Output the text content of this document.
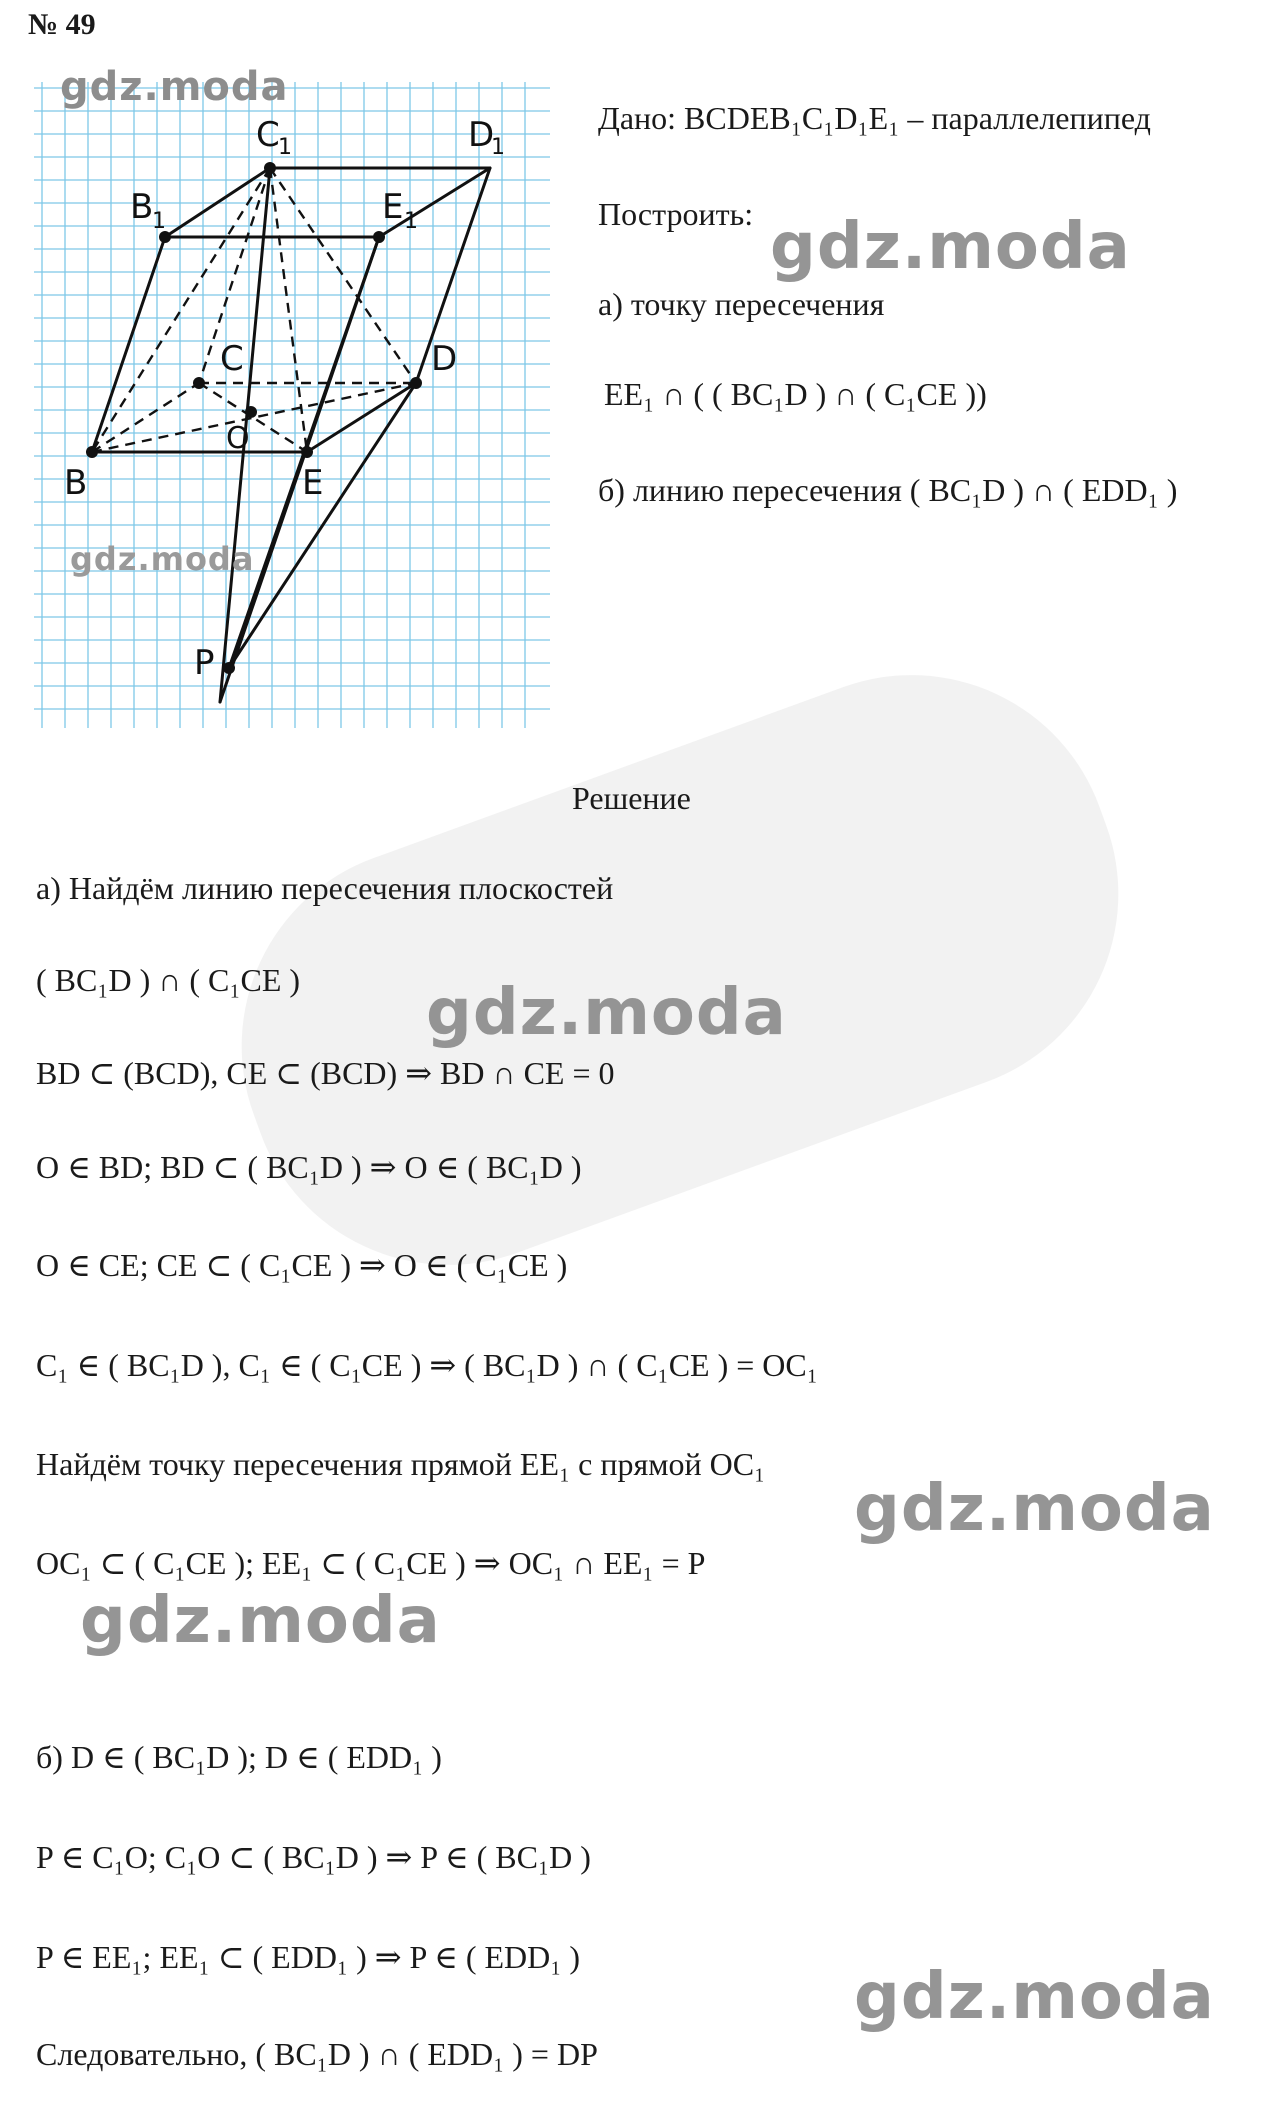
№ 49
C
1	D
1
B
1	E 1
C	D
O
B	E
P
gdz.moda
gdz.moda
Дано: BCDEB₁C₁D₁E₁ – параллелепипед
Построить:
а) точку пересечения
EE₁ ∩ ( ( BC₁D ) ∩ ( C₁CE ))
б) линию пересечения ( BC₁D ) ∩ ( EDD₁ )
gdz.moda
Решение
а) Найдём линию пересечения плоскостей
( BC₁D ) ∩ ( C₁CE )
BD ⊂ (BCD), CE ⊂ (BCD) ⇒ BD ∩ CE = 0
O ∈ BD; BD ⊂ ( BC₁D ) ⇒ O ∈ ( BC₁D )
O ∈ CE; CE ⊂ ( C₁CE ) ⇒ O ∈ ( C₁CE )
C₁ ∈ ( BC₁D ), C₁ ∈ ( C₁CE ) ⇒ ( BC₁D ) ∩ ( C₁CE ) = OC₁
Найдём точку пересечения прямой EE₁ с прямой OC₁
OC₁ ⊂ ( C₁CE ); EE₁ ⊂ ( C₁CE ) ⇒ OC₁ ∩ EE₁ = P
б) D ∈ ( BC₁D ); D ∈ ( EDD₁ )
P ∈ C₁O; C₁O ⊂ ( BC₁D ) ⇒ P ∈ ( BC₁D )
P ∈ EE₁; EE₁ ⊂ ( EDD₁ ) ⇒ P ∈ ( EDD₁ )
Следовательно, ( BC₁D ) ∩ ( EDD₁ ) = DP
gdz.moda
gdz.moda
gdz.moda
gdz.moda
